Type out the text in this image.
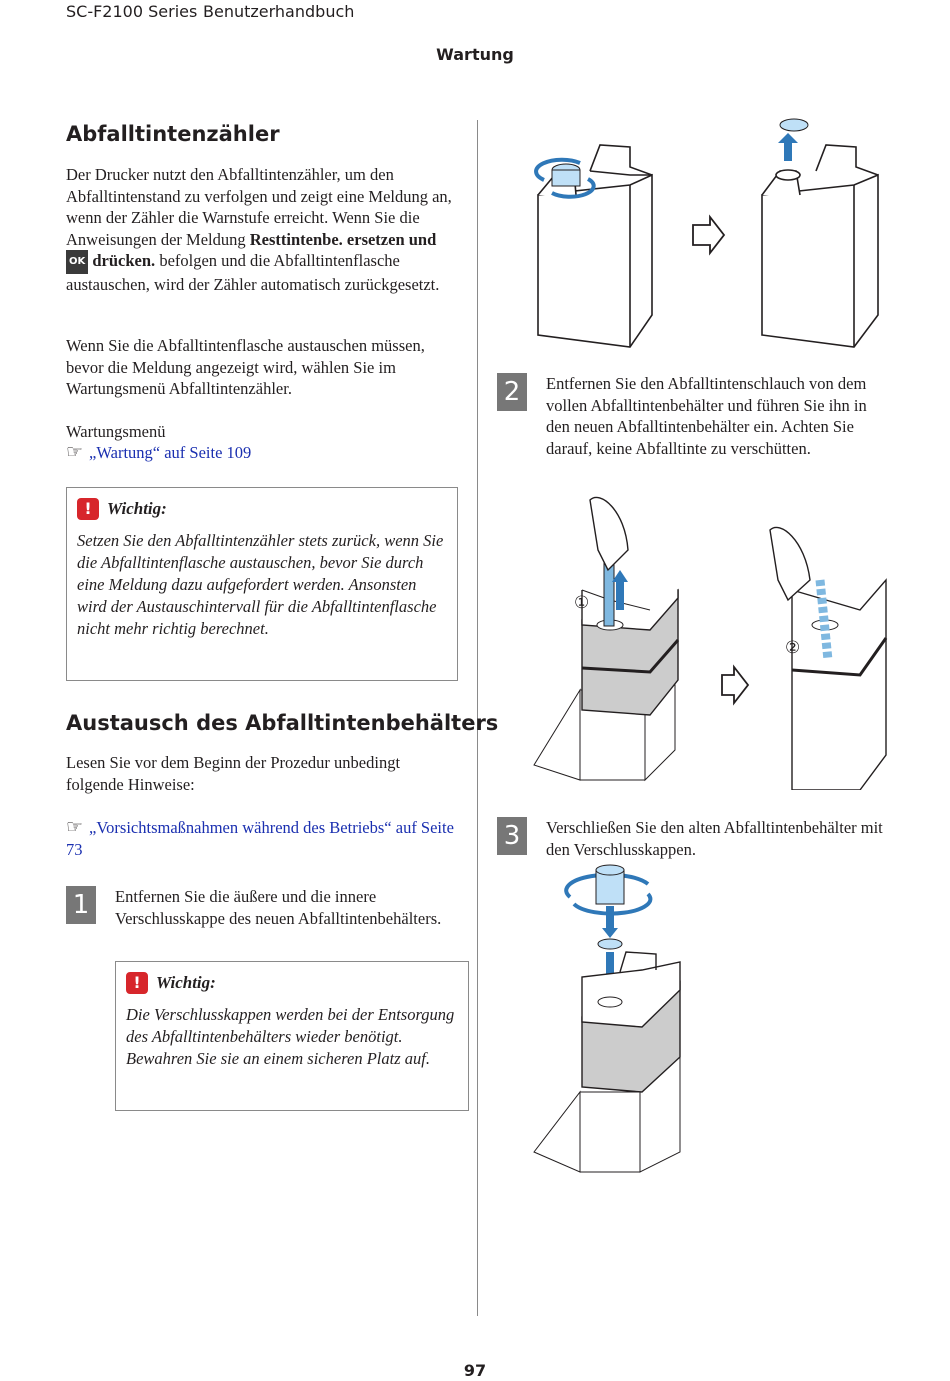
SC-F2100 Series Benutzerhandbuch
Wartung
Abfalltintenzähler
Der Drucker nutzt den Abfalltintenzähler, um den Abfalltintenstand zu verfolgen und zeigt eine Meldung an, wenn der Zähler die Warnstufe erreicht. Wenn Sie die Anweisungen der Meldung Resttintenbe. ersetzen und OK drücken. befolgen und die Abfalltintenflasche austauschen, wird der Zähler automatisch zurückgesetzt.
Wenn Sie die Abfalltintenflasche austauschen müssen, bevor die Meldung angezeigt wird, wählen Sie im Wartungsmenü Abfalltintenzähler.
Wartungsmenü
☞ „Wartung“ auf Seite 109
! Wichtig:
Setzen Sie den Abfalltintenzähler stets zurück, wenn Sie die Abfalltintenflasche austauschen, bevor Sie durch eine Meldung dazu aufgefordert werden. Ansonsten wird der Austauschintervall für die Abfalltintenflasche nicht mehr richtig berechnet.
Austausch des Abfalltintenbehälters
Lesen Sie vor dem Beginn der Prozedur unbedingt folgende Hinweise:
☞ „Vorsichtsmaßnahmen während des Betriebs“ auf Seite 73
1	Entfernen Sie die äußere und die innere Verschlusskappe des neuen Abfalltintenbehälters.
! Wichtig:
Die Verschlusskappen werden bei der Entsorgung des Abfalltintenbehälters wieder benötigt. Bewahren Sie sie an einem sicheren Platz auf.
2	Entfernen Sie den Abfalltintenschlauch von dem vollen Abfalltintenbehälter und führen Sie ihn in den neuen Abfalltintenbehälter ein. Achten Sie darauf, keine Abfalltinte zu verschütten.
①
②
3	Verschließen Sie den alten Abfalltintenbehälter mit den Verschlusskappen.
97
